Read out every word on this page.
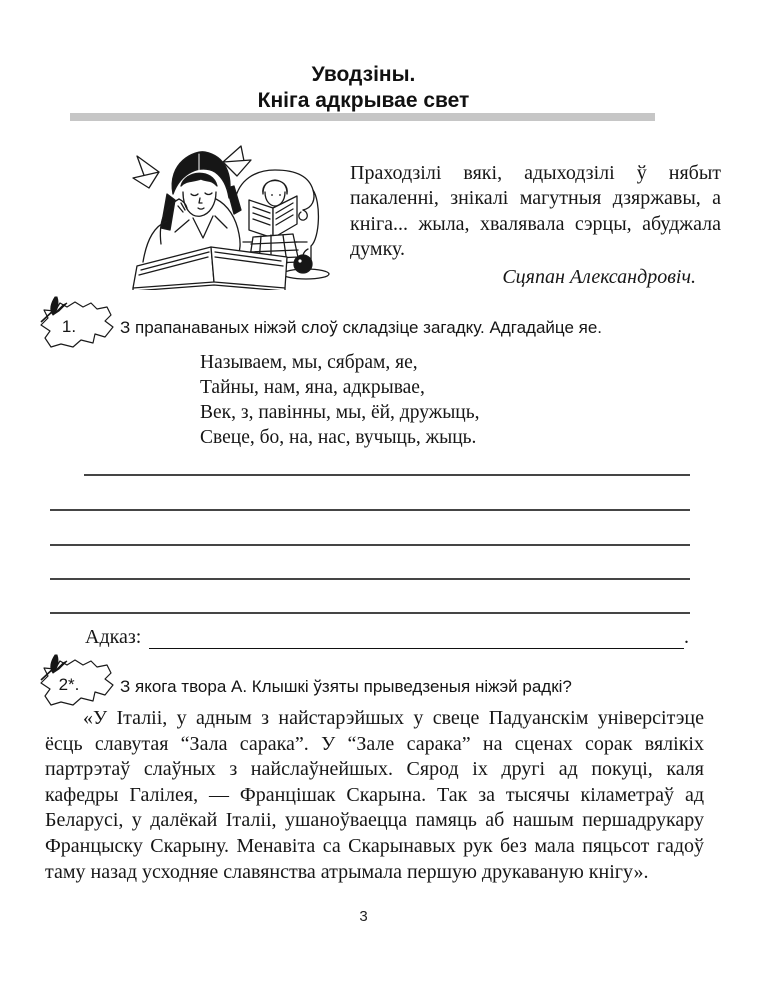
Уводзіны.
Кніга адкрывае свет
Праходзілі вякі, адыходзілі ў нябыт пакаленні, знікалі магутныя дзяржавы, а кніга... жыла, хвалявала сэрцы, абуджала думку.
Сцяпан Александровіч.
1.	З прапанаваных ніжэй слоў складзіце загадку. Адгадайце яе.
Называем, мы, сябрам, яе,
Тайны, нам, яна, адкрывае,
Век, з, павінны, мы, ёй, дружыць,
Свеце, бо, на, нас, вучыць, жыць.
Адказ:	.
2*. З якога твора А. Клышкі ўзяты прыведзеныя ніжэй радкі?
«У Італіі, у адным з найстарэйшых у свеце Падуанскім універсітэце ёсць славутая “Зала сарака”. У “Зале сарака” на сценах сорак вялікіх партрэтаў слаўных з найслаўнейшых. Сярод іх другі ад покуці, каля кафедры Галілея, — Францішак Скарына. Так за тысячы кіламетраў ад Беларусі, у далёкай Італіі, ушаноўваецца памяць аб нашым першадрукару Францыску Скарыну. Менавіта са Скарынавых рук без мала пяцьсот гадоў таму назад усходняе славянства атрымала першую друкаваную кнігу».
3
